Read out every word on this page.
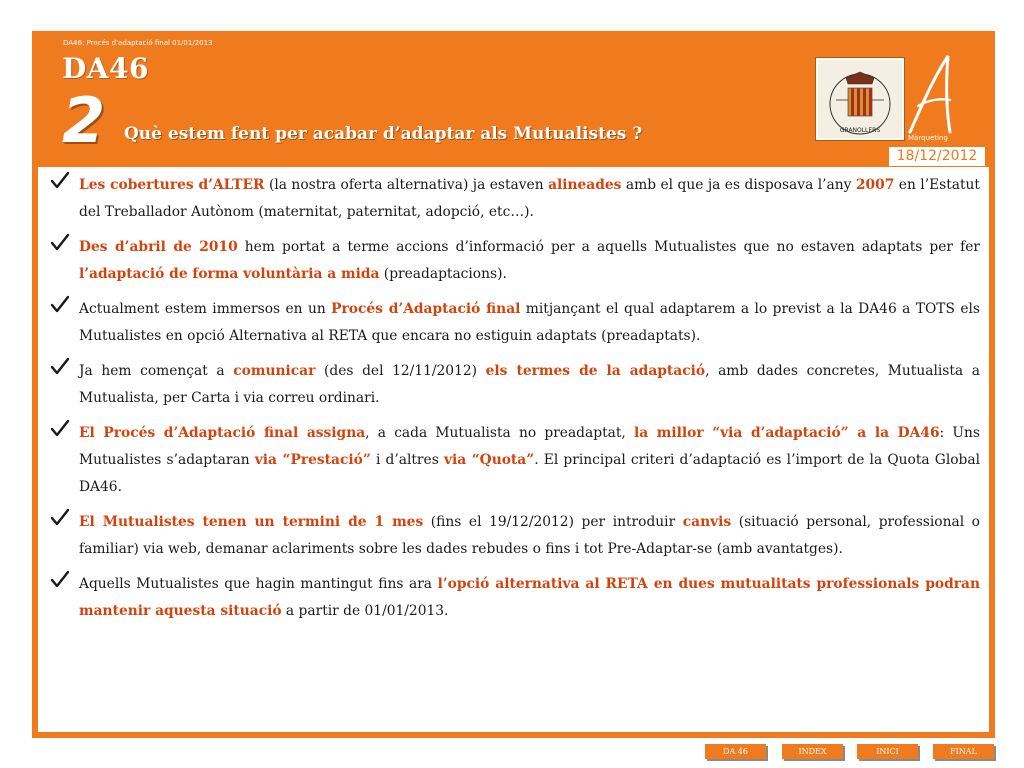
DA46: Procés d'adaptació final 01/01/2013
DA46
2 Què estem fent per acabar d’adaptar als Mutualistes ?	GRANOLLERS
Màrqueting
18/12/2012
Les cobertures d’ALTER (la nostra oferta alternativa) ja estaven alineades amb el que ja es disposava l’any 2007 en l’Estatut del Treballador Autònom (maternitat, paternitat, adopció, etc…).
Des d’abril de 2010 hem portat a terme accions d’informació per a aquells Mutualistes que no estaven adaptats per fer l’adaptació de forma voluntària a mida (preadaptacions).
Actualment estem immersos en un Procés d’Adaptació final mitjançant el qual adaptarem a lo previst a la DA46 a TOTS els Mutualistes en opció Alternativa al RETA que encara no estiguin adaptats (preadaptats).
Ja hem començat a comunicar (des del 12/11/2012) els termes de la adaptació, amb dades concretes, Mutualista a Mutualista, per Carta i via correu ordinari.
El Procés d’Adaptació final assigna, a cada Mutualista no preadaptat, la millor “via d’adaptació” a la DA46: Uns Mutualistes s’adaptaran via “Prestació” i d’altres via “Quota”. El principal criteri d’adaptació es l’import de la Quota Global DA46.
El Mutualistes tenen un termini de 1 mes (fins el 19/12/2012) per introduir canvis (situació personal, professional o familiar) via web, demanar aclariments sobre les dades rebudes o fins i tot Pre-Adaptar-se (amb avantatges).
Aquells Mutualistes que hagin mantingut fins ara l’opció alternativa al RETA en dues mutualitats professionals podran mantenir aquesta situació a partir de 01/01/2013.
DA 46	INDEX	INICI	FINAL
